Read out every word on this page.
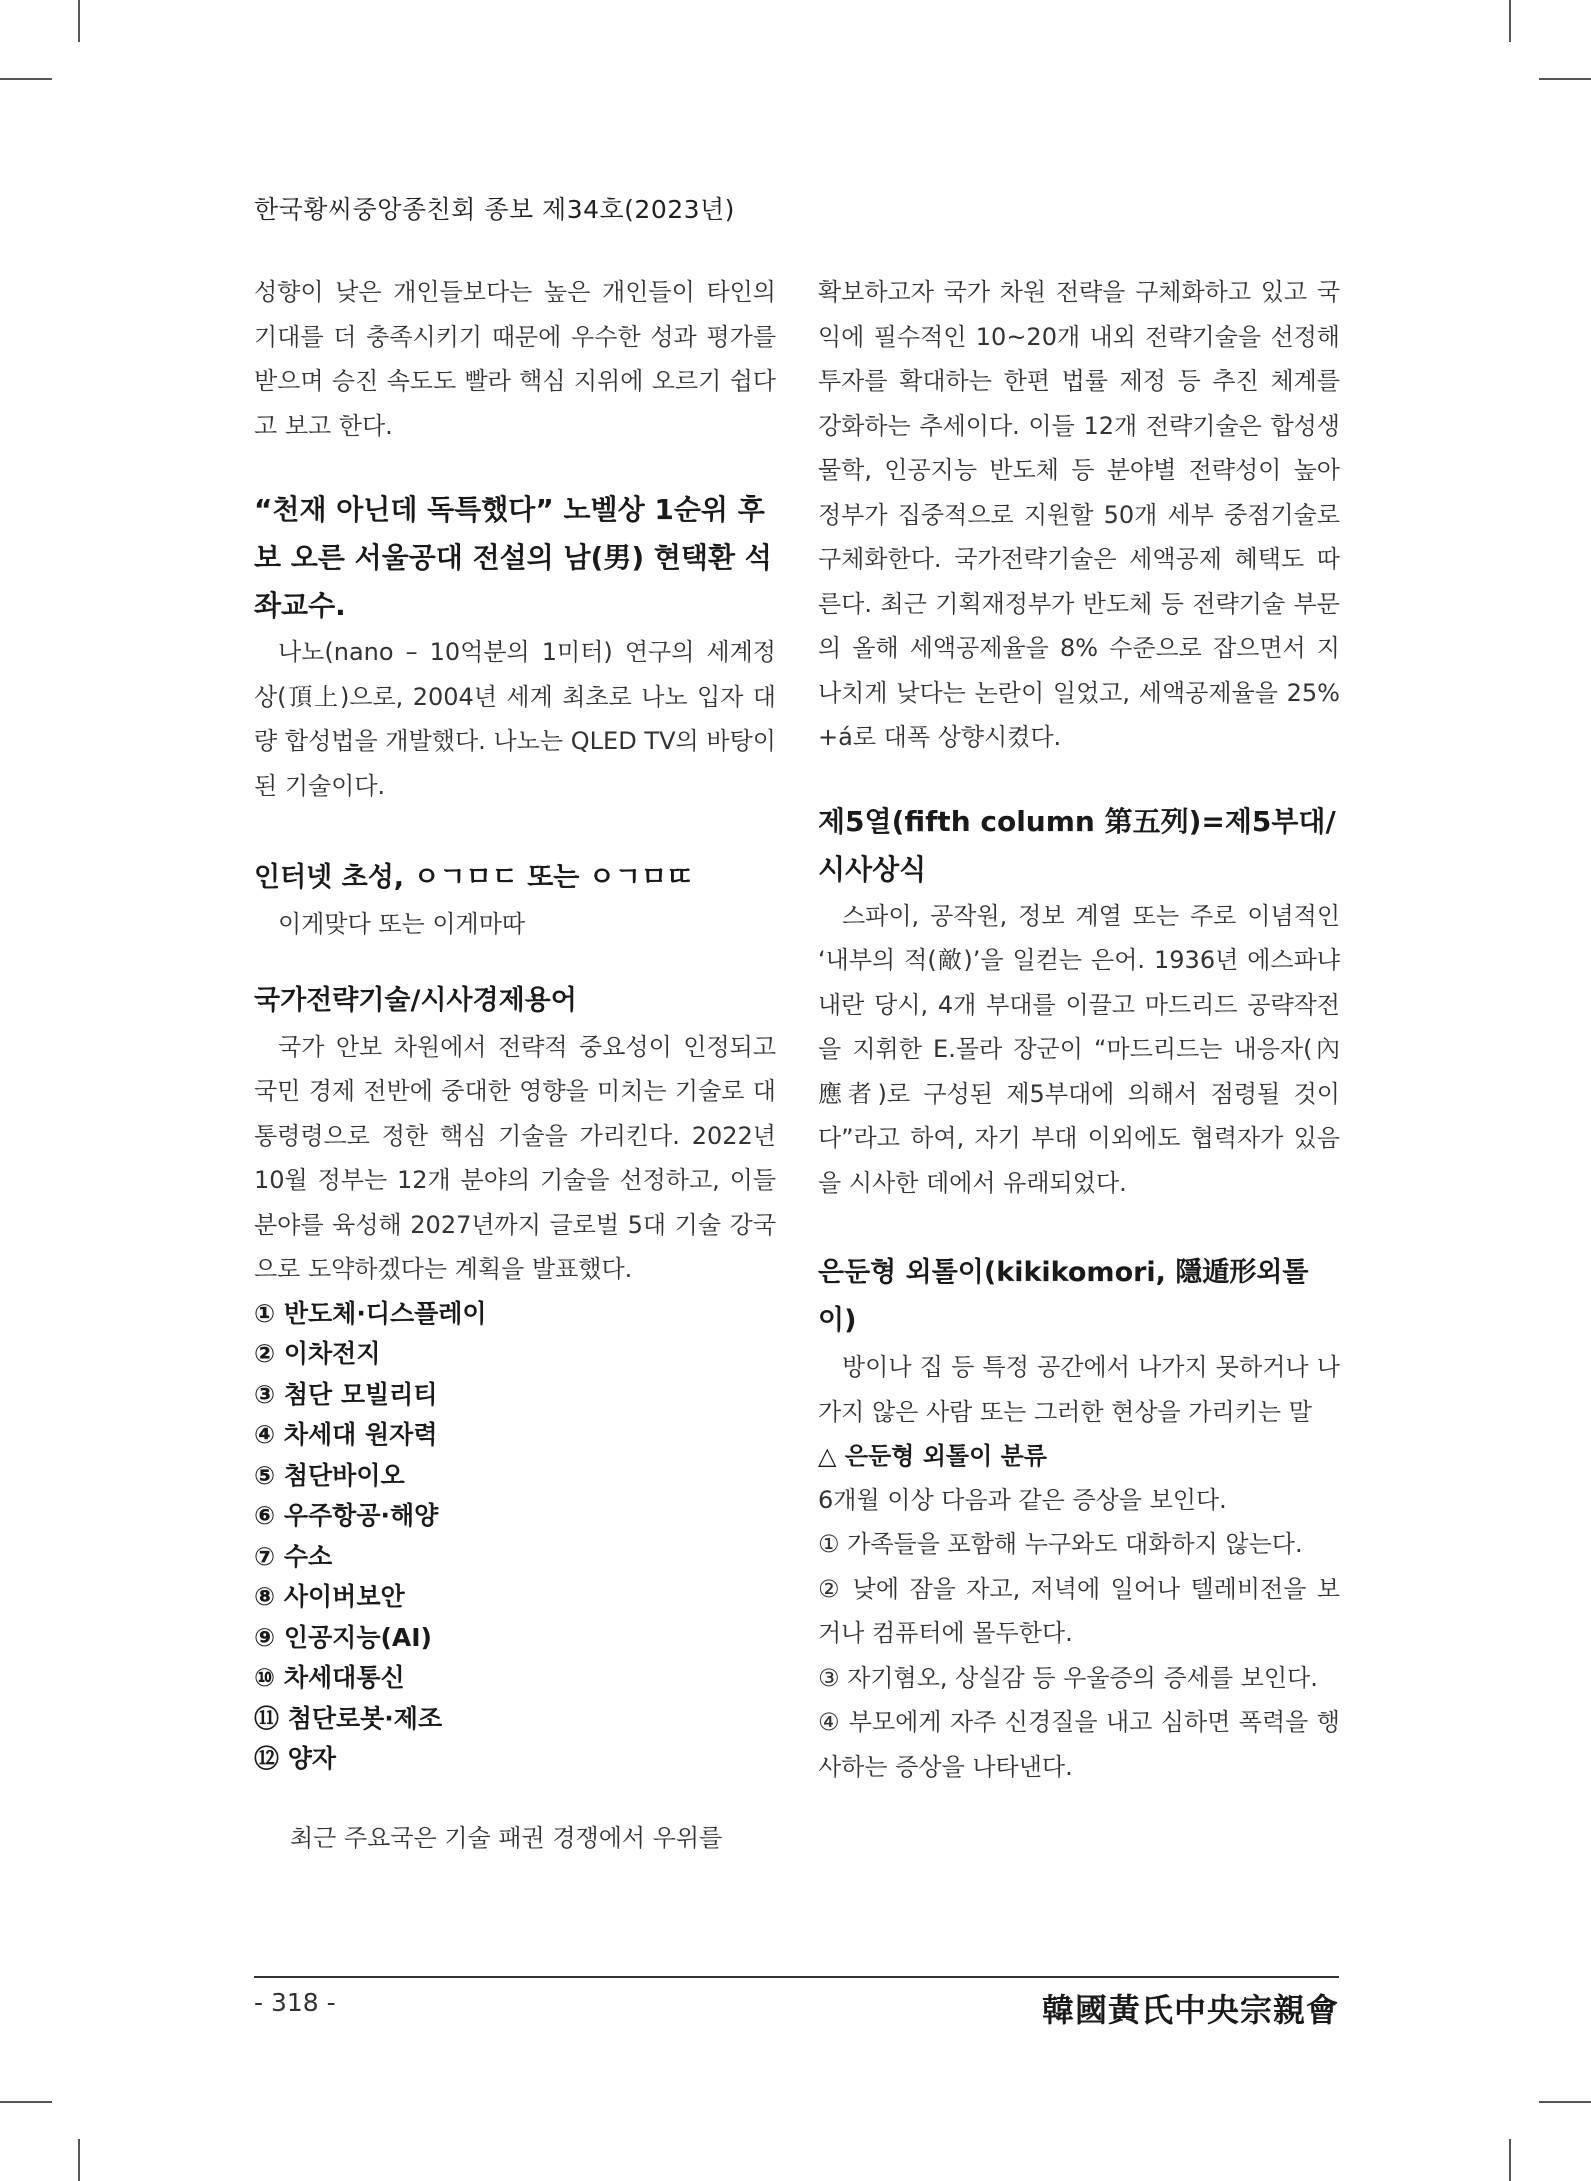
한국황씨중앙종친회 종보 제34호(2023년)

성향이 낮은 개인들보다는 높은 개인들이 타인의 기대를 더 충족시키기 때문에 우수한 성과 평가를 받으며 승진 속도도 빨라 핵심 지위에 오르기 쉽다고 보고 한다.

“천재 아닌데 독특했다” 노벨상 1순위 후보 오른 서울공대 전설의 남(男) 현택환 석좌교수.

나노(nano – 10억분의 1미터) 연구의 세계정상(頂上)으로, 2004년 세계 최초로 나노 입자 대량 합성법을 개발했다. 나노는 QLED TV의 바탕이 된 기술이다.

인터넷 초성, ㅇㄱㅁㄷ 또는 ㅇㄱㅁㄸ

이게맞다 또는 이게마따

국가전략기술/시사경제용어

국가 안보 차원에서 전략적 중요성이 인정되고 국민 경제 전반에 중대한 영향을 미치는 기술로 대통령령으로 정한 핵심 기술을 가리킨다. 2022년 10월 정부는 12개 분야의 기술을 선정하고, 이들 분야를 육성해 2027년까지 글로벌 5대 기술 강국으로 도약하겠다는 계획을 발표했다.

① 반도체·디스플레이

② 이차전지

③ 첨단 모빌리티

④ 차세대 원자력

⑤ 첨단바이오

⑥ 우주항공·해양

⑦ 수소

⑧ 사이버보안

⑨ 인공지능(AI)

⑩ 차세대통신

⑪ 첨단로봇·제조

⑫ 양자

최근 주요국은 기술 패권 경쟁에서 우위를

확보하고자 국가 차원 전략을 구체화하고 있고 국익에 필수적인 10~20개 내외 전략기술을 선정해 투자를 확대하는 한편 법률 제정 등 추진 체계를 강화하는 추세이다. 이들 12개 전략기술은 합성생물학, 인공지능 반도체 등 분야별 전략성이 높아 정부가 집중적으로 지원할 50개 세부 중점기술로 구체화한다. 국가전략기술은 세액공제 혜택도 따른다. 최근 기획재정부가 반도체 등 전략기술 부문의 올해 세액공제율을 8% 수준으로 잡으면서 지나치게 낮다는 논란이 일었고, 세액공제율을 25% +á로 대폭 상향시켰다.

제5열(fifth column 第五列)=제5부대/시사상식

스파이, 공작원, 정보 계열 또는 주로 이념적인 ‘내부의 적(敵)’을 일컫는 은어. 1936년 에스파냐내란 당시, 4개 부대를 이끌고 마드리드 공략작전을 지휘한 E.몰라 장군이 “마드리드는 내응자(內應者)로 구성된 제5부대에 의해서 점령될 것이다”라고 하여, 자기 부대 이외에도 협력자가 있음을 시사한 데에서 유래되었다.

은둔형 외톨이(kikikomori, 隱遁形외톨이)

방이나 집 등 특정 공간에서 나가지 못하거나 나가지 않은 사람 또는 그러한 현상을 가리키는 말

△ 은둔형 외톨이 분류

6개월 이상 다음과 같은 증상을 보인다.

① 가족들을 포함해 누구와도 대화하지 않는다.

② 낮에 잠을 자고, 저녁에 일어나 텔레비전을 보거나 컴퓨터에 몰두한다.

③ 자기혐오, 상실감 등 우울증의 증세를 보인다.

④ 부모에게 자주 신경질을 내고 심하면 폭력을 행사하는 증상을 나타낸다.

- 318 -	韓國黃氏中央宗親會
